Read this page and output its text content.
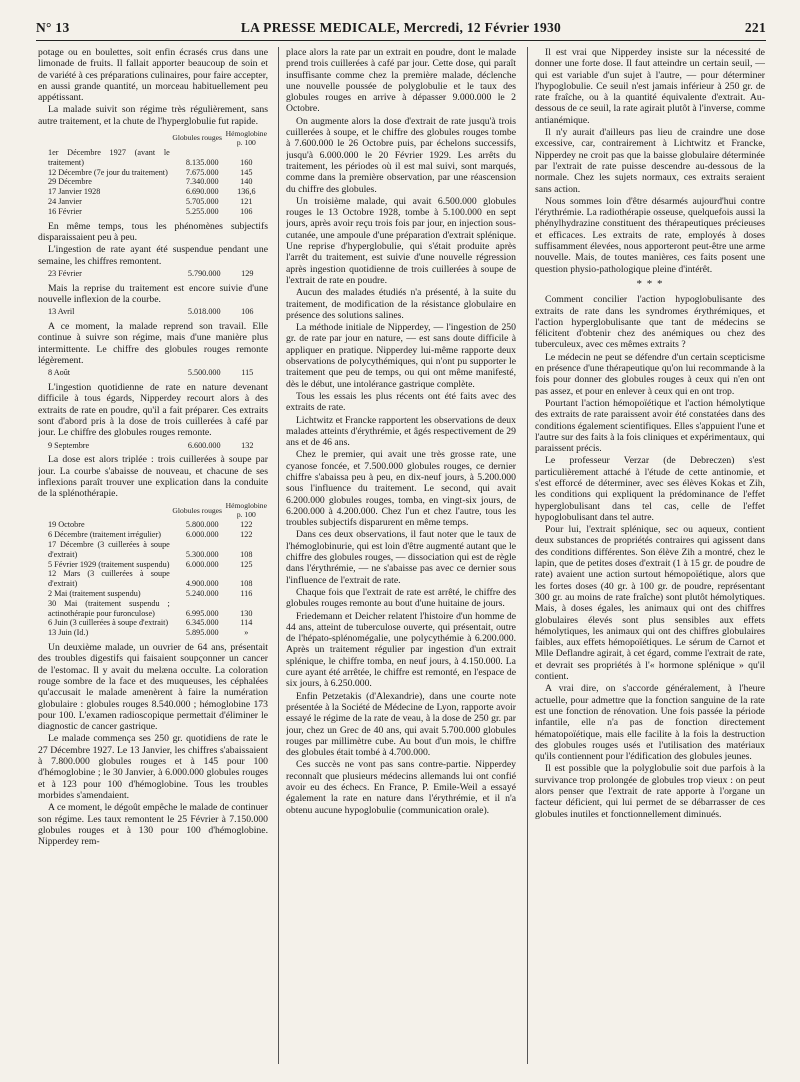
N° 13	LA PRESSE MEDICALE, Mercredi, 12 Février 1930	221

potage ou en boulettes, soit enfin écrasés crus dans une limonade de fruits. Il fallait apporter beaucoup de soin et de variété à ces préparations culinaires, pour faire accepter, en aussi grande quantité, un morceau habituellement peu appétissant.

La malade suivit son régime très régulièrement, sans autre traitement, et la chute de l'hyperglobulie fut rapide.

	Globules rouges	Hémoglobine p. 100
1er Décembre 1927 (avant le traitement)	8.135.000	160
12 Décembre (7e jour du traitement)	7.675.000	145
29 Décembre	7.340.000	140
17 Janvier 1928	6.690.000	136,6
24 Janvier	5.705.000	121
16 Février	5.255.000	106

En même temps, tous les phénomènes subjectifs disparaissaient peu à peu.

L'ingestion de rate ayant été suspendue pendant une semaine, les chiffres remontent.

23 Février	5.790.000	129

Mais la reprise du traitement est encore suivie d'une nouvelle inflexion de la courbe.

13 Avril	5.018.000	106

A ce moment, la malade reprend son travail. Elle continue à suivre son régime, mais d'une manière plus intermittente. Le chiffre des globules rouges remonte légèrement.

8 Août	5.500.000	115

L'ingestion quotidienne de rate en nature devenant difficile à tous égards, Nipperdey recourt alors à des extraits de rate en poudre, qu'il a fait préparer. Ces extraits sont d'abord pris à la dose de trois cuillerées à café par jour. Le chiffre des globules rouges remonte.

9 Septembre	6.600.000	132

La dose est alors triplée : trois cuillerées à soupe par jour. La courbe s'abaisse de nouveau, et chacune de ses inflexions paraît trouver une explication dans la conduite de la splénothérapie.

	Globules rouges	Hémoglobine p. 100
19 Octobre	5.800.000	122
6 Décembre (traitement irrégulier)	6.000.000	122
17 Décembre (3 cuillerées à soupe d'extrait)	5.300.000	108
5 Février 1929 (traitement suspendu)	6.000.000	125
12 Mars (3 cuillerées à soupe d'extrait)	4.900.000	108
2 Mai (traitement suspendu)	5.240.000	116
30 Mai (traitement suspendu ; actinothérapie pour furonculose)	6.995.000	130
6 Juin (3 cuillerées à soupe d'extrait)	6.345.000	114
13 Juin (Id.)	5.895.000	»

Un deuxième malade, un ouvrier de 64 ans, présentait des troubles digestifs qui faisaient soupçonner un cancer de l'estomac. Il y avait du melæna occulte. La coloration rouge sombre de la face et des muqueuses, les céphalées qu'accusait le malade amenèrent à faire la numération globulaire : globules rouges 8.540.000 ; hémoglobine 173 pour 100. L'examen radioscopique permettait d'éliminer le diagnostic de cancer gastrique.

Le malade commença ses 250 gr. quotidiens de rate le 27 Décembre 1927. Le 13 Janvier, les chiffres s'abaissaient à 7.800.000 globules rouges et à 145 pour 100 d'hémoglobine ; le 30 Janvier, à 6.000.000 globules rouges et à 123 pour 100 d'hémoglobine. Tous les troubles morbides s'amendaient.

A ce moment, le dégoût empêche le malade de continuer son régime. Les taux remontent le 25 Février à 7.150.000 globules rouges et à 130 pour 100 d'hémoglobine. Nipperdey rem-

place alors la rate par un extrait en poudre, dont le malade prend trois cuillerées à café par jour. Cette dose, qui paraît insuffisante comme chez la première malade, déclenche une nouvelle poussée de polyglobulie et le taux des globules rouges en arrive à dépasser 9.000.000 le 2 Octobre.

On augmente alors la dose d'extrait de rate jusqu'à trois cuillerées à soupe, et le chiffre des globules rouges tombe à 7.600.000 le 26 Octobre puis, par échelons successifs, jusqu'à 6.000.000 le 20 Février 1929. Les arrêts du traitement, les périodes où il est mal suivi, sont marqués, comme dans la première observation, par une réascension du chiffre des globules.

Un troisième malade, qui avait 6.500.000 globules rouges le 13 Octobre 1928, tombe à 5.100.000 en sept jours, après avoir reçu trois fois par jour, en injection sous-cutanée, une ampoule d'une préparation d'extrait splénique. Une reprise d'hyperglobulie, qui s'était produite après l'arrêt du traitement, est suivie d'une nouvelle régression après ingestion quotidienne de trois cuillerées à soupe de l'extrait de rate en poudre.

Aucun des malades étudiés n'a présenté, à la suite du traitement, de modification de la résistance globulaire en présence des solutions salines.

La méthode initiale de Nipperdey, — l'ingestion de 250 gr. de rate par jour en nature, — est sans doute difficile à appliquer en pratique. Nipperdey lui-même rapporte deux observations de polycythémiques, qui n'ont pu supporter le traitement que peu de temps, ou qui ont même manifesté, dès le début, une intolérance gastrique complète.

Tous les essais les plus récents ont été faits avec des extraits de rate.

Lichtwitz et Francke rapportent les observations de deux malades atteints d'érythrémie, et âgés respectivement de 29 ans et de 46 ans.

Chez le premier, qui avait une très grosse rate, une cyanose foncée, et 7.500.000 globules rouges, ce dernier chiffre s'abaissa peu à peu, en dix-neuf jours, à 5.200.000 sous l'influence du traitement. Le second, qui avait 6.200.000 globules rouges, tomba, en vingt-six jours, de 6.200.000 à 4.200.000. Chez l'un et chez l'autre, tous les troubles subjectifs disparurent en même temps.

Dans ces deux observations, il faut noter que le taux de l'hémoglobinurie, qui est loin d'être augmenté autant que le chiffre des globules rouges, — dissociation qui est de règle dans l'érythrémie, — ne s'abaisse pas avec ce dernier sous l'influence de l'extrait de rate.

Chaque fois que l'extrait de rate est arrêté, le chiffre des globules rouges remonte au bout d'une huitaine de jours.

Friedemann et Deicher relatent l'histoire d'un homme de 44 ans, atteint de tuberculose ouverte, qui présentait, outre de l'hépato-splénomégalie, une polycythémie à 6.200.000. Après un traitement régulier par ingestion d'un extrait splénique, le chiffre tomba, en neuf jours, à 4.150.000. La cure ayant été arrêtée, le chiffre est remonté, en l'espace de six jours, à 6.250.000.

Enfin Petzetakis (d'Alexandrie), dans une courte note présentée à la Société de Médecine de Lyon, rapporte avoir essayé le régime de la rate de veau, à la dose de 250 gr. par jour, chez un Grec de 40 ans, qui avait 5.700.000 globules rouges par millimètre cube. Au bout d'un mois, le chiffre des globules était tombé à 4.700.000.

Ces succès ne vont pas sans contre-partie. Nipperdey reconnaît que plusieurs médecins allemands lui ont confié avoir eu des échecs. En France, P. Emile-Weil a essayé également la rate en nature dans l'érythrémie, et il n'a obtenu aucune hypoglobulie (communication orale).

Il est vrai que Nipperdey insiste sur la nécessité de donner une forte dose. Il faut atteindre un certain seuil, — qui est variable d'un sujet à l'autre, — pour déterminer l'hypoglobulie. Ce seuil n'est jamais inférieur à 250 gr. de rate fraîche, ou à la quantité équivalente d'extrait. Au-dessous de ce seuil, la rate agirait plutôt à l'inverse, comme antianémique.

Il n'y aurait d'ailleurs pas lieu de craindre une dose excessive, car, contrairement à Lichtwitz et Francke, Nipperdey ne croit pas que la baisse globulaire déterminée par l'extrait de rate puisse descendre au-dessous de la normale. Chez les sujets normaux, ces extraits seraient sans action.

Nous sommes loin d'être désarmés aujourd'hui contre l'érythrémie. La radiothérapie osseuse, quelquefois aussi la phénylhydrazine constituent des thérapeutiques précieuses et efficaces. Les extraits de rate, employés à doses suffisamment élevées, nous apporteront peut-être une arme nouvelle. Mais, de toutes manières, ces faits posent une question physio-pathologique pleine d'intérêt.

* * *

Comment concilier l'action hypoglobulisante des extraits de rate dans les syndromes érythrémiques, et l'action hyperglobulisante que tant de médecins se félicitent d'obtenir chez des anémiques ou chez des tuberculeux, avec ces mêmes extraits ?

Le médecin ne peut se défendre d'un certain scepticisme en présence d'une thérapeutique qu'on lui recommande à la fois pour donner des globules rouges à ceux qui n'en ont pas assez, et pour en enlever à ceux qui en ont trop.

Pourtant l'action hémopoïétique et l'action hémolytique des extraits de rate paraissent avoir été constatées dans des conditions également scientifiques. Elles s'appuient l'une et l'autre sur des faits à la fois cliniques et expérimentaux, qui paraissent précis.

Le professeur Verzar (de Debreczen) s'est particulièrement attaché à l'étude de cette antinomie, et s'est efforcé de déterminer, avec ses élèves Kokas et Zih, les conditions qui expliquent la prédominance de l'effet hyperglobulisant dans tel cas, celle de l'effet hypoglobulisant dans tel autre.

Pour lui, l'extrait splénique, sec ou aqueux, contient deux substances de propriétés contraires qui agissent dans des conditions différentes. Son élève Zih a montré, chez le lapin, que de petites doses d'extrait (1 à 15 gr. de poudre de rate) avaient une action surtout hémopoïétique, alors que les fortes doses (40 gr. à 100 gr. de poudre, représentant 300 gr. au moins de rate fraîche) sont plutôt hémolytiques. Mais, à doses égales, les animaux qui ont des chiffres globulaires élevés sont plus sensibles aux effets hémolytiques, les animaux qui ont des chiffres globulaires faibles, aux effets hémopoïétiques. Le sérum de Carnot et Mlle Deflandre agirait, à cet égard, comme l'extrait de rate, et devrait ses propriétés à l'« hormone splénique » qu'il contient.

A vrai dire, on s'accorde généralement, à l'heure actuelle, pour admettre que la fonction sanguine de la rate est une fonction de rénovation. Une fois passée la période infantile, elle n'a pas de fonction directement hématopoïétique, mais elle facilite à la fois la destruction des globules rouges usés et l'utilisation des matériaux qu'ils contiennent pour l'édification des globules jeunes.

Il est possible que la polyglobulie soit due parfois à la survivance trop prolongée de globules trop vieux : on peut alors penser que l'extrait de rate apporte à l'organe un facteur déficient, qui lui permet de se débarrasser de ces globules inutiles et fonctionnellement diminués.
